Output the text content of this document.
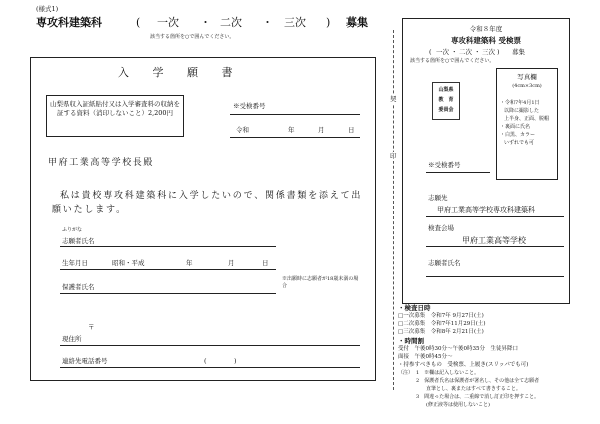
(様式1)
専攻科建築科	( 一次 ・ 二次 ・ 三次 ) 募集
該当する箇所を○で囲んでください。
入 学 願 書
山梨県収入証紙貼付又は入学審査料の収納を証する資料（消印しないこと）2,200円
※受検番号
令和	年	月	日
甲府工業高等学校長殿
私は貴校専攻科建築科に入学したいので、関係書類を添えて出願いたします。
ふりがな
志願者氏名
生年月日	昭和・平成	年	月	日
保護者氏名
※出願時に志願者が18歳未満の場合
〒
現住所
連絡先電話番号	(	)
契
印
令和８年度
専攻科建築科 受検票
( 一次 ・ 二次 ・ 三次 ) 募集
該当する箇所を○で囲んでください。
写真欄
(4cm×3cm)
・令和7年4月1日
以降に撮影した
上半身、正面、脱帽
・裏面に氏名
・白黒、カラー
いずれでも可
山梨県
教　育
委員会
※受検番号
志願先
甲府工業高等学校専攻科建築科
検査会場
甲府工業高等学校
志願者氏名
・検査日時
□一次募集　令和7年 9月27日(土)
□二次募集　令和7年11月29日(土)
□三次募集　令和8年 2月21日(土)
・時間割
受付　午後0時30分～午後0時35分　生徒昇降口
面接　午後0時45分～
・持参すべきもの　受検票、上履き(スリッパでも可)
（注） 1　※欄は記入しないこと。
2　保護者氏名は保護者が署名し、その他は全て志願者
　　直筆とし、裏またはすべて書きすること。
3　間違った場合は、二重線で消し訂正印を押すこと。
　　(修正液等は使用しないこと)
